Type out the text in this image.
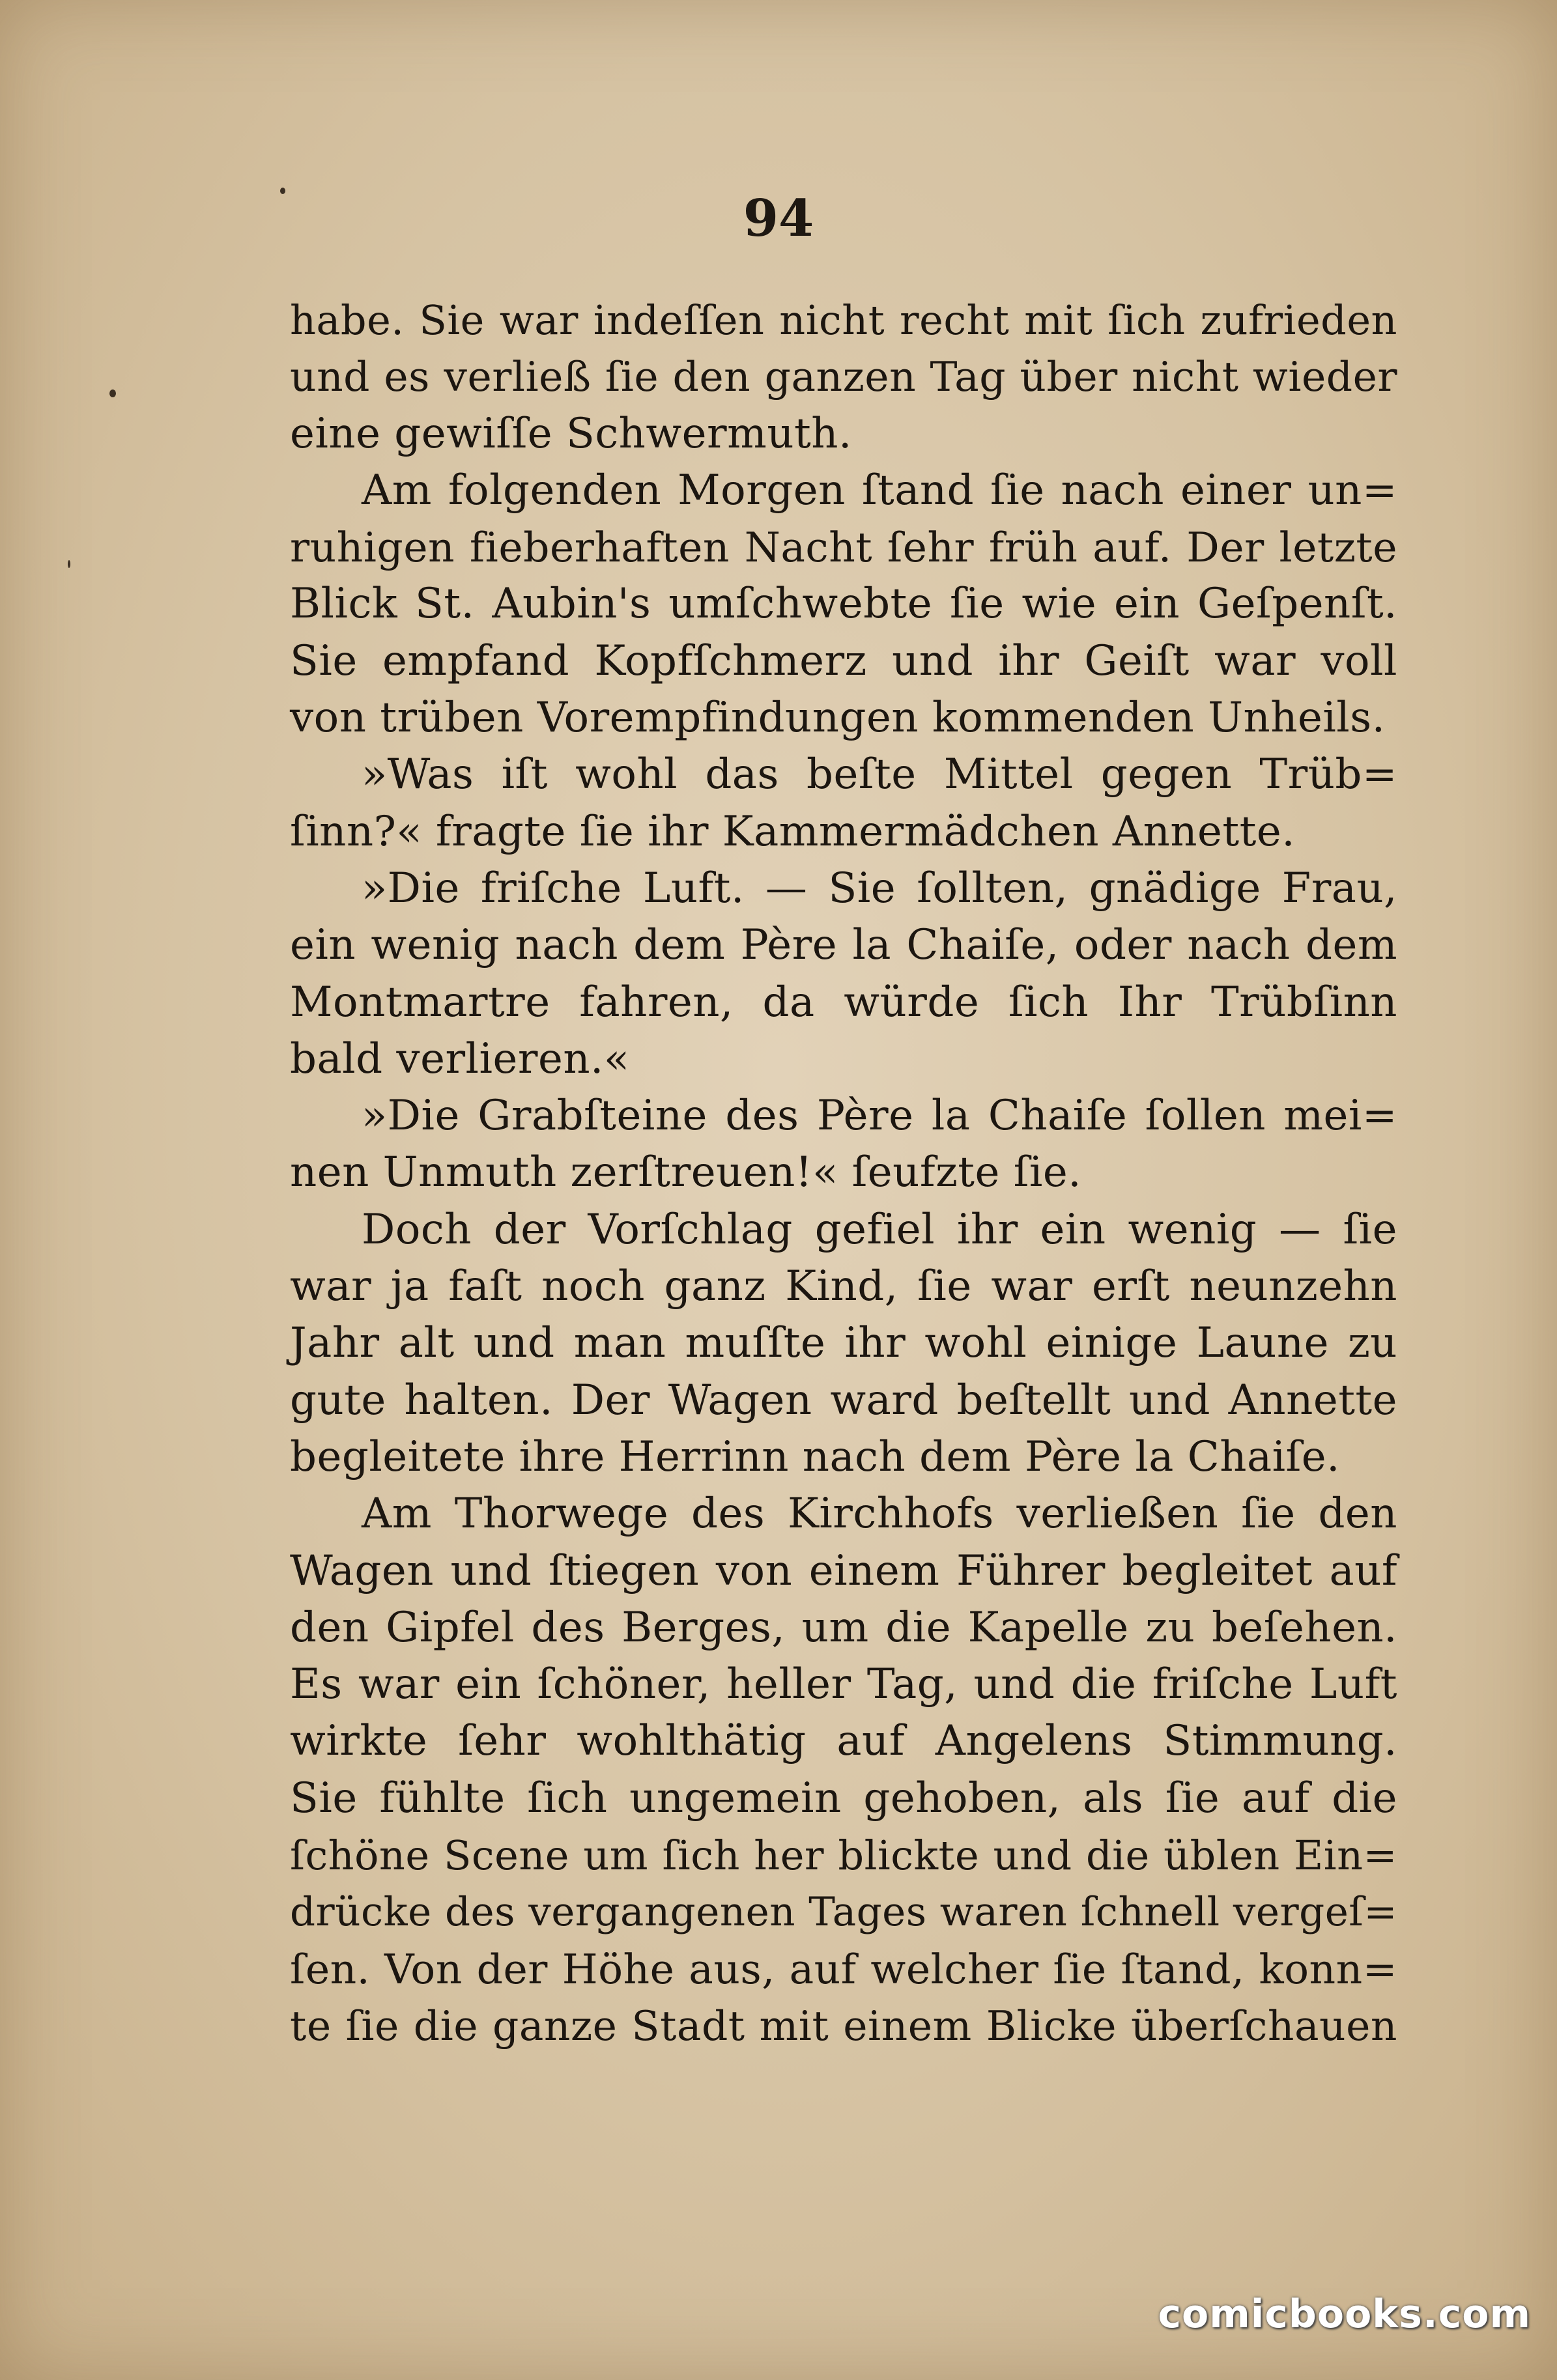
94
habe. Sie war indeſſen nicht recht mit ſich zufrieden
und es verließ ſie den ganzen Tag über nicht wieder
eine gewiſſe Schwermuth.
Am folgenden Morgen ſtand ſie nach einer un=
ruhigen fieberhaften Nacht ſehr früh auf. Der letzte
Blick St. Aubin's umſchwebte ſie wie ein Geſpenſt.
Sie empfand Kopfſchmerz und ihr Geiſt war voll
von trüben Vorempfindungen kommenden Unheils.
»Was iſt wohl das beſte Mittel gegen Trüb=
ſinn?« fragte ſie ihr Kammermädchen Annette.
»Die friſche Luft. — Sie ſollten, gnädige Frau,
ein wenig nach dem Père la Chaiſe, oder nach dem
Montmartre fahren, da würde ſich Ihr Trübſinn
bald verlieren.«
»Die Grabſteine des Père la Chaiſe ſollen mei=
nen Unmuth zerſtreuen!« ſeufzte ſie.
Doch der Vorſchlag gefiel ihr ein wenig — ſie
war ja faſt noch ganz Kind, ſie war erſt neunzehn
Jahr alt und man muſſte ihr wohl einige Laune zu
gute halten. Der Wagen ward beſtellt und Annette
begleitete ihre Herrinn nach dem Père la Chaiſe.
Am Thorwege des Kirchhofs verließen ſie den
Wagen und ſtiegen von einem Führer begleitet auf
den Gipfel des Berges, um die Kapelle zu beſehen.
Es war ein ſchöner, heller Tag, und die friſche Luft
wirkte ſehr wohlthätig auf Angelens Stimmung.
Sie fühlte ſich ungemein gehoben, als ſie auf die
ſchöne Scene um ſich her blickte und die üblen Ein=
drücke des vergangenen Tages waren ſchnell vergeſ=
ſen. Von der Höhe aus, auf welcher ſie ſtand, konn=
te ſie die ganze Stadt mit einem Blicke überſchauen
comicbooks.com
